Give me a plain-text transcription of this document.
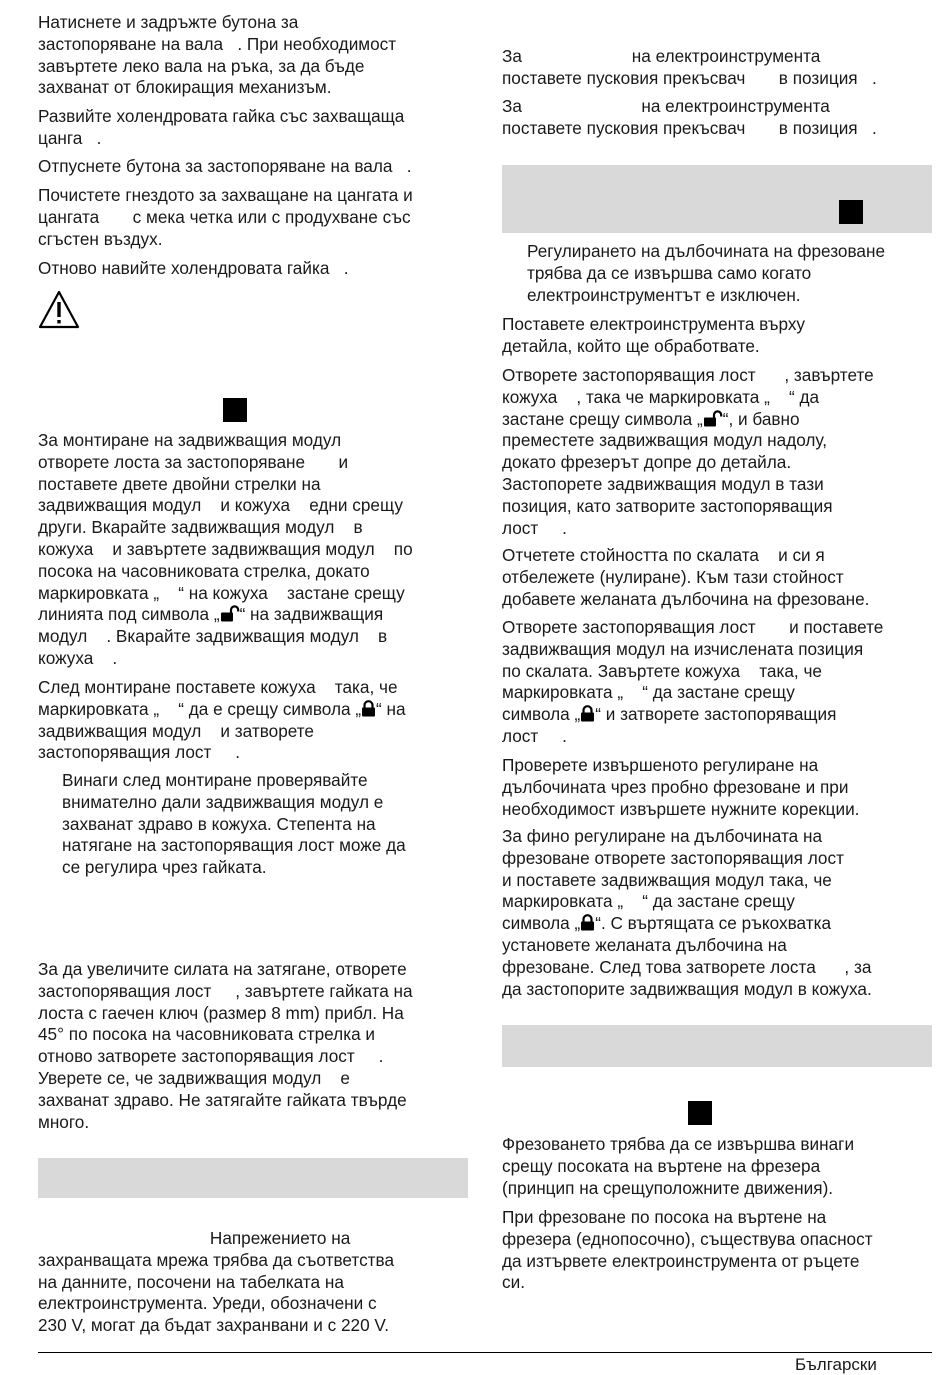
Натиснете и задръжте бутона за
застопоряване на вала   . При необходимост
завъртете леко вала на ръка, за да бъде
захванат от блокиращия механизъм.
Развийте холендровата гайка със захващаща
цанга   .
Отпуснете бутона за застопоряване на вала   .
Почистете гнездото за захващане на цангата и
цангата       с мека четка или с продухване със
сгъстен въздух.
Отново навийте холендровата гайка   .
За монтиране на задвижващия модул
отворете лоста за застопоряване       и
поставете двете двойни стрелки на
задвижващия модул    и кожуха    едни срещу
други. Вкарайте задвижващия модул    в
кожуха    и завъртете задвижващия модул    по
посока на часовниковата стрелка, докато
маркировката „    “ на кожуха    застане срещу
линията под символа „ “ на задвижващия
модул    . Вкарайте задвижващия модул    в
кожуха    .
След монтиране поставете кожуха    така, че
маркировката „    “ да е срещу символа „ “ на
задвижващия модул    и затворете
застопоряващия лост     .
Винаги след монтиране проверявайте
внимателно дали задвижващия модул е
захванат здраво в кожуха. Степента на
натягане на застопоряващия лост може да
се регулира чрез гайката.
За да увеличите силата на затягане, отворете
застопоряващия лост     , завъртете гайката на
лоста с гаечен ключ (размер 8 mm) прибл. На
45° по посока на часовниковата стрелка и
отново затворете застопоряващия лост     .
Уверете се, че задвижващия модул    е
захванат здраво. Не затягайте гайката твърде
много.
Напрежението на
захранващата мрежа трябва да съответства
на данните, посочени на табелката на
електроинструмента. Уреди, обозначени с
230 V, могат да бъдат захранвани и с 220 V.
За                       на електроинструмента
поставете пусковия прекъсвач       в позиция   .
За                         на електроинструмента
поставете пусковия прекъсвач       в позиция   .
Регулирането на дълбочината на фрезоване
трябва да се извършва само когато
електроинструментът е изключен.
Поставете електроинструмента върху
детайла, който ще обработвате.
Отворете застопоряващия лост      , завъртете
кожуха    , така че маркировката „    “ да
застане срещу символа „ “, и бавно
преместете задвижващия модул надолу,
докато фрезерът допре до детайла.
Застопорете задвижващия модул в тази
позиция, като затворите застопоряващия
лост     .
Отчетете стойността по скалата    и си я
отбележете (нулиране). Към тази стойност
добавете желаната дълбочина на фрезоване.
Отворете застопоряващия лост       и поставете
задвижващия модул на изчислената позиция
по скалата. Завъртете кожуха    така, че
маркировката „    “ да застане срещу
символа „ “ и затворете застопоряващия
лост     .
Проверете извършеното регулиране на
дълбочината чрез пробно фрезоване и при
необходимост извършете нужните корекции.
За фино регулиране на дълбочината на
фрезоване отворете застопоряващия лост
и поставете задвижващия модул така, че
маркировката „    “ да застане срещу
символа „ “. С въртящата се ръкохватка
установете желаната дълбочина на
фрезоване. След това затворете лоста      , за
да застопорите задвижващия модул в кожуха.
Фрезоването трябва да се извършва винаги
срещу посоката на въртене на фрезера
(принцип на срещуположните движения).
При фрезоване по посока на въртене на
фрезера (еднопосочно), съществува опасност
да изтървете електроинструмента от ръцете
си.
Български
